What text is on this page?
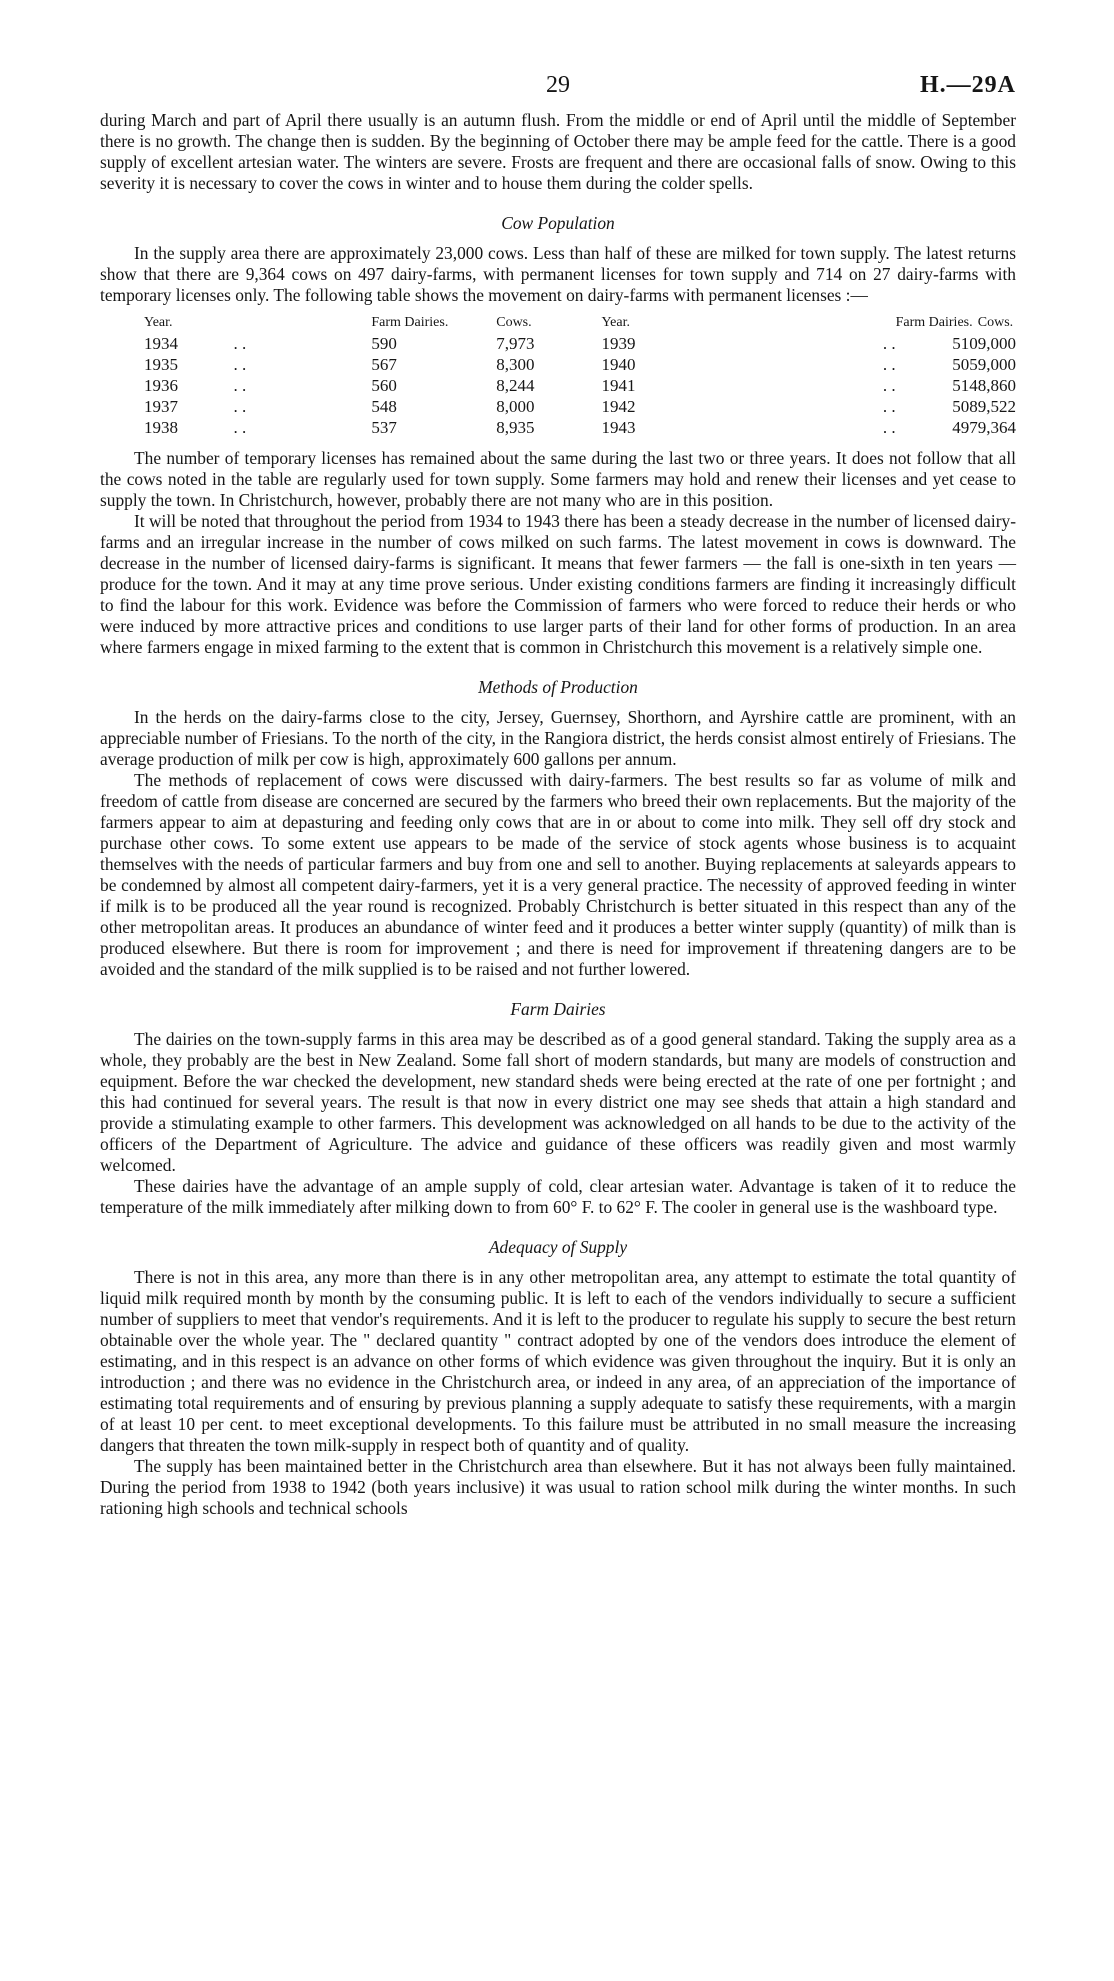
29	H.—29A

during March and part of April there usually is an autumn flush. From the middle or end of April until the middle of September there is no growth. The change then is sudden. By the beginning of October there may be ample feed for the cattle. There is a good supply of excellent artesian water. The winters are severe. Frosts are frequent and there are occasional falls of snow. Owing to this severity it is necessary to cover the cows in winter and to house them during the colder spells.

Cow Population

In the supply area there are approximately 23,000 cows. Less than half of these are milked for town supply. The latest returns show that there are 9,364 cows on 497 dairy-farms, with permanent licenses for town supply and 714 on 27 dairy-farms with temporary licenses only. The following table shows the movement on dairy-farms with permanent licenses :—

Year.		Farm Dairies.	Cows.	Year.		Farm Dairies.	Cows.
1934	. .	590	7,973	1939	. .	510	9,000
1935	. .	567	8,300	1940	. .	505	9,000
1936	. .	560	8,244	1941	. .	514	8,860
1937	. .	548	8,000	1942	. .	508	9,522
1938	. .	537	8,935	1943	. .	497	9,364

The number of temporary licenses has remained about the same during the last two or three years. It does not follow that all the cows noted in the table are regularly used for town supply. Some farmers may hold and renew their licenses and yet cease to supply the town. In Christchurch, however, probably there are not many who are in this position.

It will be noted that throughout the period from 1934 to 1943 there has been a steady decrease in the number of licensed dairy-farms and an irregular increase in the number of cows milked on such farms. The latest movement in cows is downward. The decrease in the number of licensed dairy-farms is significant. It means that fewer farmers — the fall is one-sixth in ten years — produce for the town. And it may at any time prove serious. Under existing conditions farmers are finding it increasingly difficult to find the labour for this work. Evidence was before the Commission of farmers who were forced to reduce their herds or who were induced by more attractive prices and conditions to use larger parts of their land for other forms of production. In an area where farmers engage in mixed farming to the extent that is common in Christchurch this movement is a relatively simple one.

Methods of Production

In the herds on the dairy-farms close to the city, Jersey, Guernsey, Shorthorn, and Ayrshire cattle are prominent, with an appreciable number of Friesians. To the north of the city, in the Rangiora district, the herds consist almost entirely of Friesians. The average production of milk per cow is high, approximately 600 gallons per annum.

The methods of replacement of cows were discussed with dairy-farmers. The best results so far as volume of milk and freedom of cattle from disease are concerned are secured by the farmers who breed their own replacements. But the majority of the farmers appear to aim at depasturing and feeding only cows that are in or about to come into milk. They sell off dry stock and purchase other cows. To some extent use appears to be made of the service of stock agents whose business is to acquaint themselves with the needs of particular farmers and buy from one and sell to another. Buying replacements at saleyards appears to be condemned by almost all competent dairy-farmers, yet it is a very general practice. The necessity of approved feeding in winter if milk is to be produced all the year round is recognized. Probably Christchurch is better situated in this respect than any of the other metropolitan areas. It produces an abundance of winter feed and it produces a better winter supply (quantity) of milk than is produced elsewhere. But there is room for improvement ; and there is need for improvement if threatening dangers are to be avoided and the standard of the milk supplied is to be raised and not further lowered.

Farm Dairies

The dairies on the town-supply farms in this area may be described as of a good general standard. Taking the supply area as a whole, they probably are the best in New Zealand. Some fall short of modern standards, but many are models of construction and equipment. Before the war checked the development, new standard sheds were being erected at the rate of one per fortnight ; and this had continued for several years. The result is that now in every district one may see sheds that attain a high standard and provide a stimulating example to other farmers. This development was acknowledged on all hands to be due to the activity of the officers of the Department of Agriculture. The advice and guidance of these officers was readily given and most warmly welcomed.

These dairies have the advantage of an ample supply of cold, clear artesian water. Advantage is taken of it to reduce the temperature of the milk immediately after milking down to from 60° F. to 62° F. The cooler in general use is the washboard type.

Adequacy of Supply

There is not in this area, any more than there is in any other metropolitan area, any attempt to estimate the total quantity of liquid milk required month by month by the consuming public. It is left to each of the vendors individually to secure a sufficient number of suppliers to meet that vendor's requirements. And it is left to the producer to regulate his supply to secure the best return obtainable over the whole year. The " declared quantity " contract adopted by one of the vendors does introduce the element of estimating, and in this respect is an advance on other forms of which evidence was given throughout the inquiry. But it is only an introduction ; and there was no evidence in the Christchurch area, or indeed in any area, of an appreciation of the importance of estimating total requirements and of ensuring by previous planning a supply adequate to satisfy these requirements, with a margin of at least 10 per cent. to meet exceptional developments. To this failure must be attributed in no small measure the increasing dangers that threaten the town milk-supply in respect both of quantity and of quality.

The supply has been maintained better in the Christchurch area than elsewhere. But it has not always been fully maintained. During the period from 1938 to 1942 (both years inclusive) it was usual to ration school milk during the winter months. In such rationing high schools and technical schools
